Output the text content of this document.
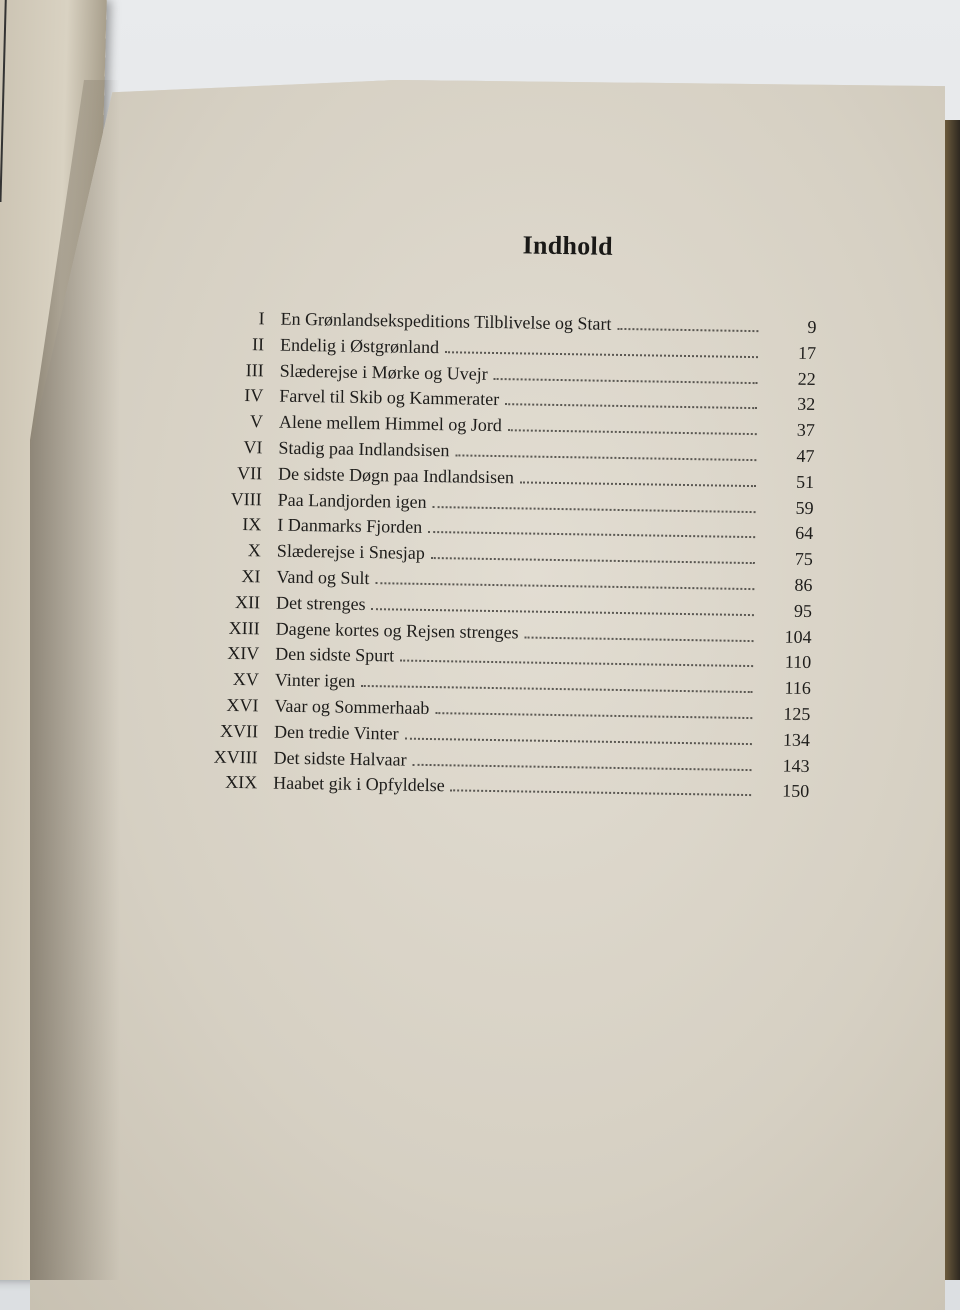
Indhold
I En Grønlandsekspeditions Tilblivelse og Start	9
II Endelig i Østgrønland	17
III Slæderejse i Mørke og Uvejr	22
IV Farvel til Skib og Kammerater	32
V Alene mellem Himmel og Jord	37
VI Stadig paa Indlandsisen	47
VII De sidste Døgn paa Indlandsisen	51
VIII Paa Landjorden igen	59
IX I Danmarks Fjorden	64
X Slæderejse i Snesjap	75
XI Vand og Sult	86
XII Det strenges	95
XIII Dagene kortes og Rejsen strenges	104
XIV Den sidste Spurt	110
XV Vinter igen	116
XVI Vaar og Sommerhaab	125
XVII Den tredie Vinter	134
XVIII Det sidste Halvaar	143
XIX Haabet gik i Opfyldelse	150
